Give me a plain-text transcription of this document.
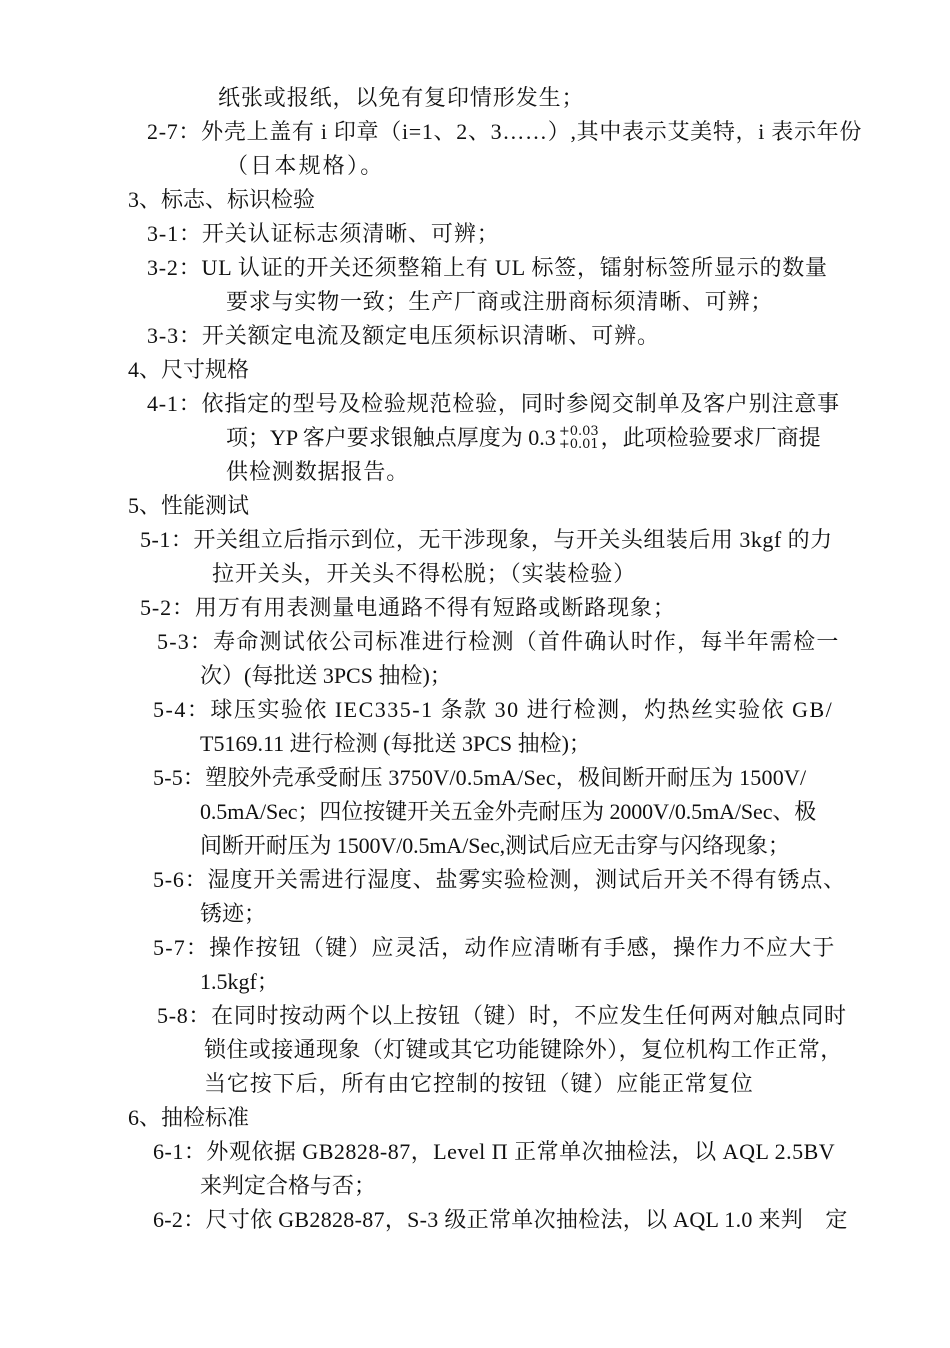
纸张或报纸，以免有复印情形发生；
2-7：外壳上盖有 i 印章（i=1、2、3……）,其中表示艾美特，i 表示年份
（日本规格）。
3、标志、标识检验
3-1：开关认证标志须清晰、可辨；
3-2：UL 认证的开关还须整箱上有 UL 标签，镭射标签所显示的数量
要求与实物一致；生产厂商或注册商标须清晰、可辨；
3-3：开关额定电流及额定电压须标识清晰、可辨。
4、尺寸规格
4-1：依指定的型号及检验规范检验，同时参阅交制单及客户别注意事
项；YP 客户要求银触点厚度为 0.3 +0.03
+0.01 ，此项检验要求厂商提
供检测数据报告。
5、性能测试
5-1：开关组立后指示到位，无干涉现象，与开关头组装后用 3kgf 的力
拉开关头，开关头不得松脱；（实装检验）
5-2：用万有用表测量电通路不得有短路或断路现象；
5-3：寿命测试依公司标准进行检测（首件确认时作，每半年需检一
次）(每批送 3PCS 抽检)；
5-4：球压实验依 IEC335-1 条款 30 进行检测，灼热丝实验依 GB/
T5169.11 进行检测 (每批送 3PCS 抽检)；
5-5：塑胶外壳承受耐压 3750V/0.5mA/Sec，极间断开耐压为 1500V/
0.5mA/Sec；四位按键开关五金外壳耐压为 2000V/0.5mA/Sec、极
间断开耐压为 1500V/0.5mA/Sec,测试后应无击穿与闪络现象；
5-6：湿度开关需进行湿度、盐雾实验检测，测试后开关不得有锈点、
锈迹；
5-7：操作按钮（键）应灵活，动作应清晰有手感，操作力不应大于
1.5kgf；
5-8：在同时按动两个以上按钮（键）时，不应发生任何两对触点同时
锁住或接通现象（灯键或其它功能键除外），复位机构工作正常，
当它按下后，所有由它控制的按钮（键）应能正常复位
6、抽检标准
6-1：外观依据 GB2828-87，Level Π 正常单次抽检法，以 AQL 2.5BV
来判定合格与否；
6-2：尺寸依 GB2828-87，S-3 级正常单次抽检法，以 AQL 1.0 来判　定
